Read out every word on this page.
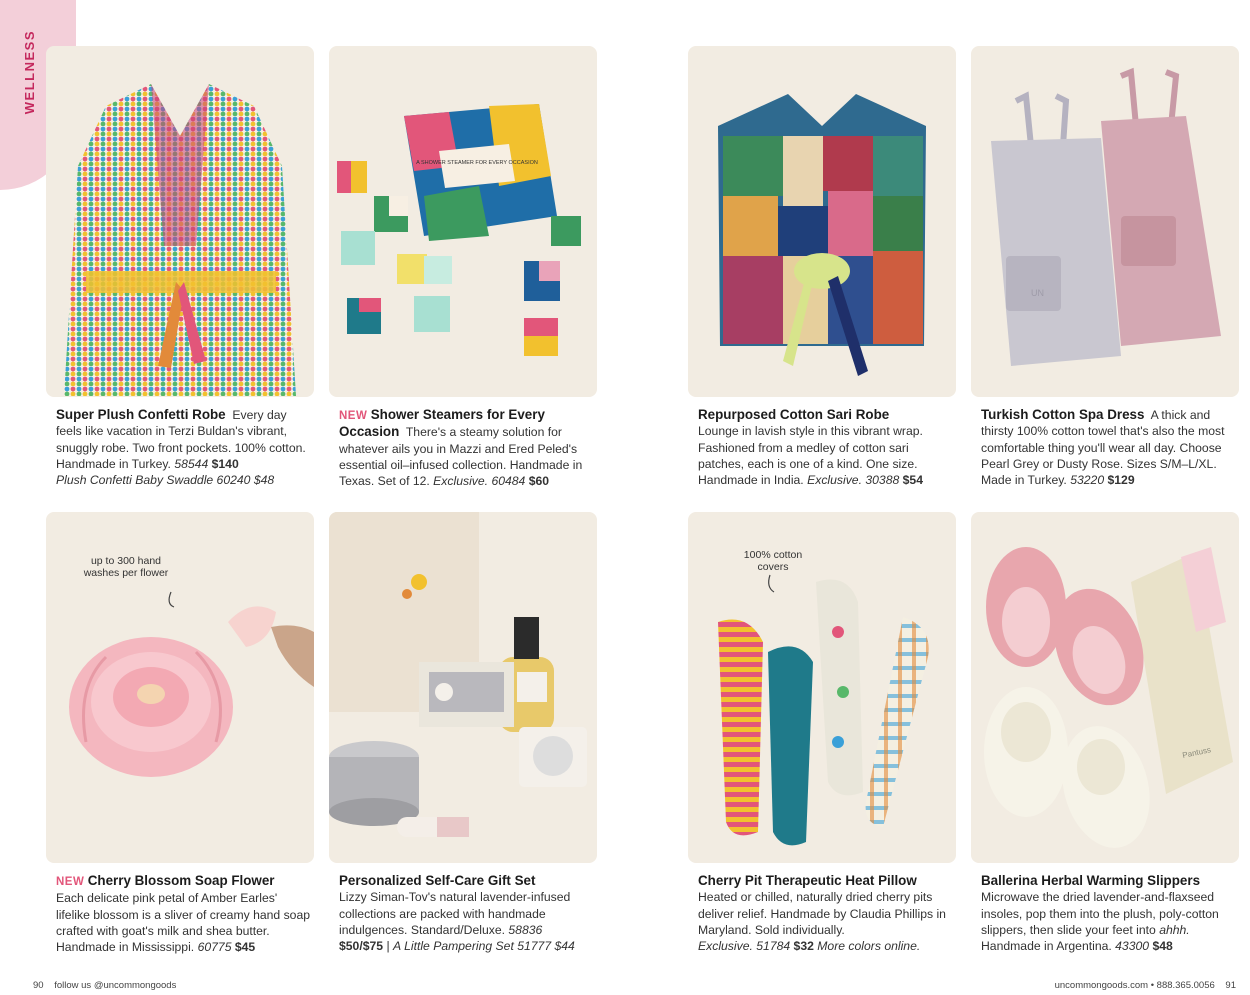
WELLNESS
Super Plush Confetti Robe Every day feels like vacation in Terzi Buldan's vibrant, snuggly robe. Two front pockets. 100% cotton. Handmade in Turkey. 58544 $140
Plush Confetti Baby Swaddle 60240 $48
A SHOWER STEAMER FOR EVERY OCCASION
NEW Shower Steamers for Every Occasion There's a steamy solution for whatever ails you in Mazzi and Ered Peled's essential oil–infused collection. Handmade in Texas. Set of 12. Exclusive. 60484 $60
Repurposed Cotton Sari Robe
Lounge in lavish style in this vibrant wrap. Fashioned from a medley of cotton sari patches, each is one of a kind. One size. Handmade in India. Exclusive. 30388 $54
UN
Turkish Cotton Spa Dress A thick and thirsty 100% cotton towel that's also the most comfortable thing you'll wear all day. Choose Pearl Grey or Dusty Rose. Sizes S/M–L/XL. Made in Turkey. 53220 $129
up to 300 hand washes per flower
NEW Cherry Blossom Soap Flower
Each delicate pink petal of Amber Earles' lifelike blossom is a sliver of creamy hand soap crafted with goat's milk and shea butter. Handmade in Mississippi. 60775 $45
Personalized Self-Care Gift Set
Lizzy Siman-Tov's natural lavender-infused collections are packed with handmade indulgences. Standard/Deluxe. 58836
$50/$75 | A Little Pampering Set 51777 $44
100% cotton covers
Cherry Pit Therapeutic Heat Pillow
Heated or chilled, naturally dried cherry pits deliver relief. Handmade by Claudia Phillips in Maryland. Sold individually.
Exclusive. 51784 $32 More colors online.
Pantuss
Ballerina Herbal Warming Slippers
Microwave the dried lavender-and-flaxseed insoles, pop them into the plush, poly-cotton slippers, then slide your feet into ahhh. Handmade in Argentina. 43300 $48
90 follow us @uncommongoods	uncommongoods.com • 888.365.0056 91
